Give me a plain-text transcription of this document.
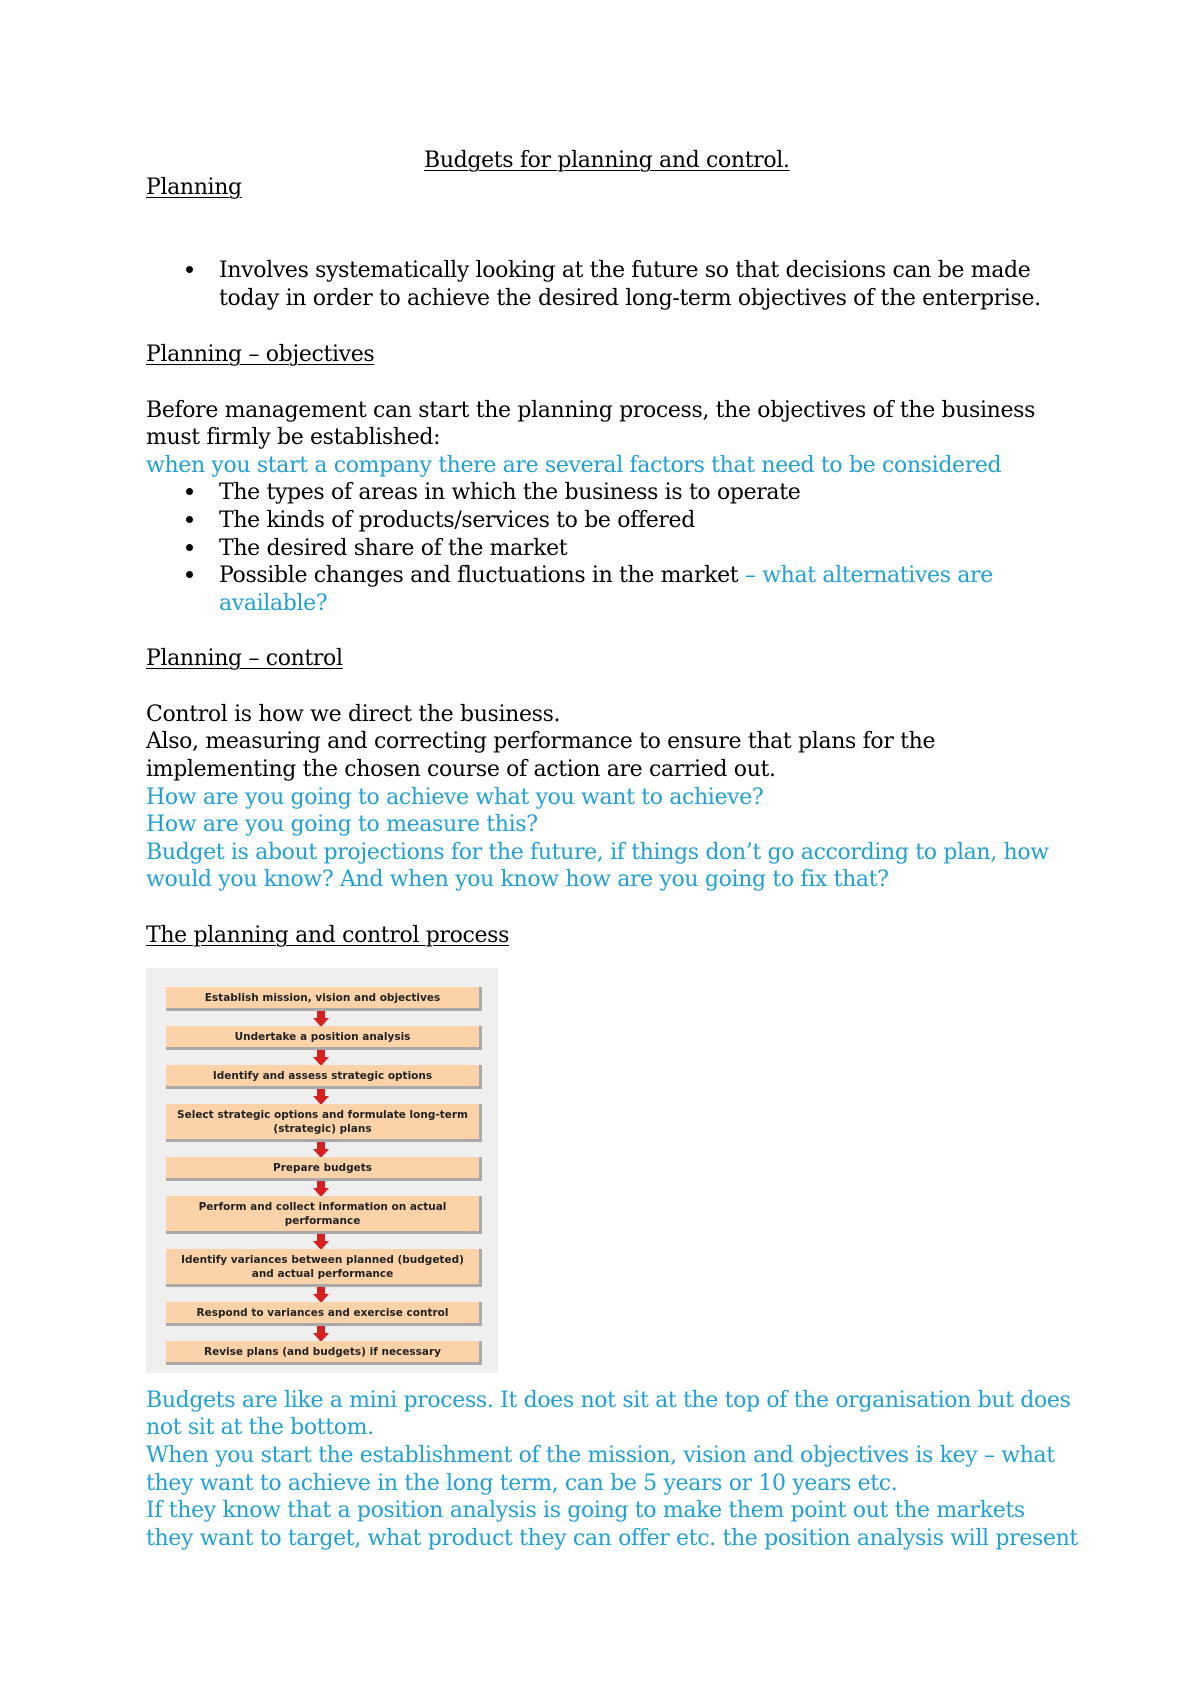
Budgets for planning and control.
Planning
Involves systematically looking at the future so that decisions can be made
today in order to achieve the desired long-term objectives of the enterprise.
Planning – objectives
Before management can start the planning process, the objectives of the business
must firmly be established:
when you start a company there are several factors that need to be considered
The types of areas in which the business is to operate
The kinds of products/services to be offered
The desired share of the market
Possible changes and fluctuations in the market – what alternatives are
available?
Planning – control
Control is how we direct the business.
Also, measuring and correcting performance to ensure that plans for the
implementing the chosen course of action are carried out.
How are you going to achieve what you want to achieve?
How are you going to measure this?
Budget is about projections for the future, if things don’t go according to plan, how
would you know? And when you know how are you going to fix that?
The planning and control process
Establish mission, vision and objectives
Undertake a position analysis
Identify and assess strategic options
Select strategic options and formulate long-term (strategic) plans
Prepare budgets
Perform and collect information on actual performance
Identify variances between planned (budgeted) and actual performance
Respond to variances and exercise control
Revise plans (and budgets) if necessary
Budgets are like a mini process. It does not sit at the top of the organisation but does
not sit at the bottom.
When you start the establishment of the mission, vision and objectives is key – what
they want to achieve in the long term, can be 5 years or 10 years etc.
If they know that a position analysis is going to make them point out the markets
they want to target, what product they can offer etc. the position analysis will present
